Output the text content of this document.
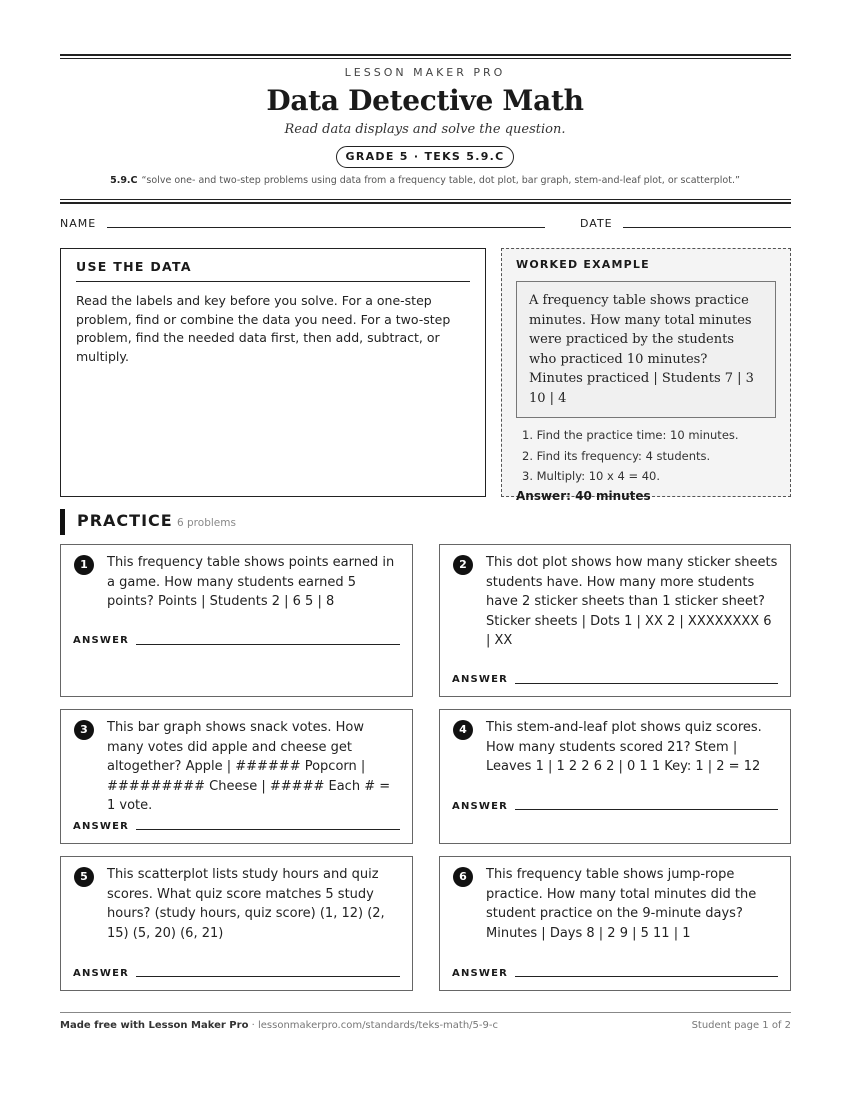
LESSON MAKER PRO
Data Detective Math
Read data displays and solve the question.
GRADE 5 · TEKS 5.9.C
5.9.C “solve one- and two-step problems using data from a frequency table, dot plot, bar graph, stem-and-leaf plot, or scatterplot.”
NAME	DATE
USE THE DATA
Read the labels and key before you solve. For a one-step problem, find or combine the data you need. For a two-step problem, find the needed data first, then add, subtract, or multiply.
WORKED EXAMPLE
A frequency table shows practice minutes. How many total minutes were practiced by the students who practiced 10 minutes? Minutes practiced | Students 7 | 3 10 | 4
1. Find the practice time: 10 minutes.
2. Find its frequency: 4 students.
3. Multiply: 10 x 4 = 40.
Answer: 40 minutes
PRACTICE 6 problems
1	This frequency table shows points earned in a game. How many students earned 5 points? Points | Students 2 | 6 5 | 8
ANSWER
2	This dot plot shows how many sticker sheets students have. How many more students have 2 sticker sheets than 1 sticker sheet? Sticker sheets | Dots 1 | XX 2 | XXXXXXXX 6 | XX
ANSWER
3	This bar graph shows snack votes. How many votes did apple and cheese get altogether? Apple | ###### Popcorn | ######### Cheese | ##### Each # = 1 vote.
ANSWER
4	This stem-and-leaf plot shows quiz scores. How many students scored 21? Stem | Leaves 1 | 1 2 2 6 2 | 0 1 1 Key: 1 | 2 = 12
ANSWER
5	This scatterplot lists study hours and quiz scores. What quiz score matches 5 study hours? (study hours, quiz score) (1, 12) (2, 15) (5, 20) (6, 21)
ANSWER
6	This frequency table shows jump-rope practice. How many total minutes did the student practice on the 9-minute days? Minutes | Days 8 | 2 9 | 5 11 | 1
ANSWER
Made free with Lesson Maker Pro · lessonmakerpro.com/standards/teks-math/5-9-c	Student page 1 of 2
